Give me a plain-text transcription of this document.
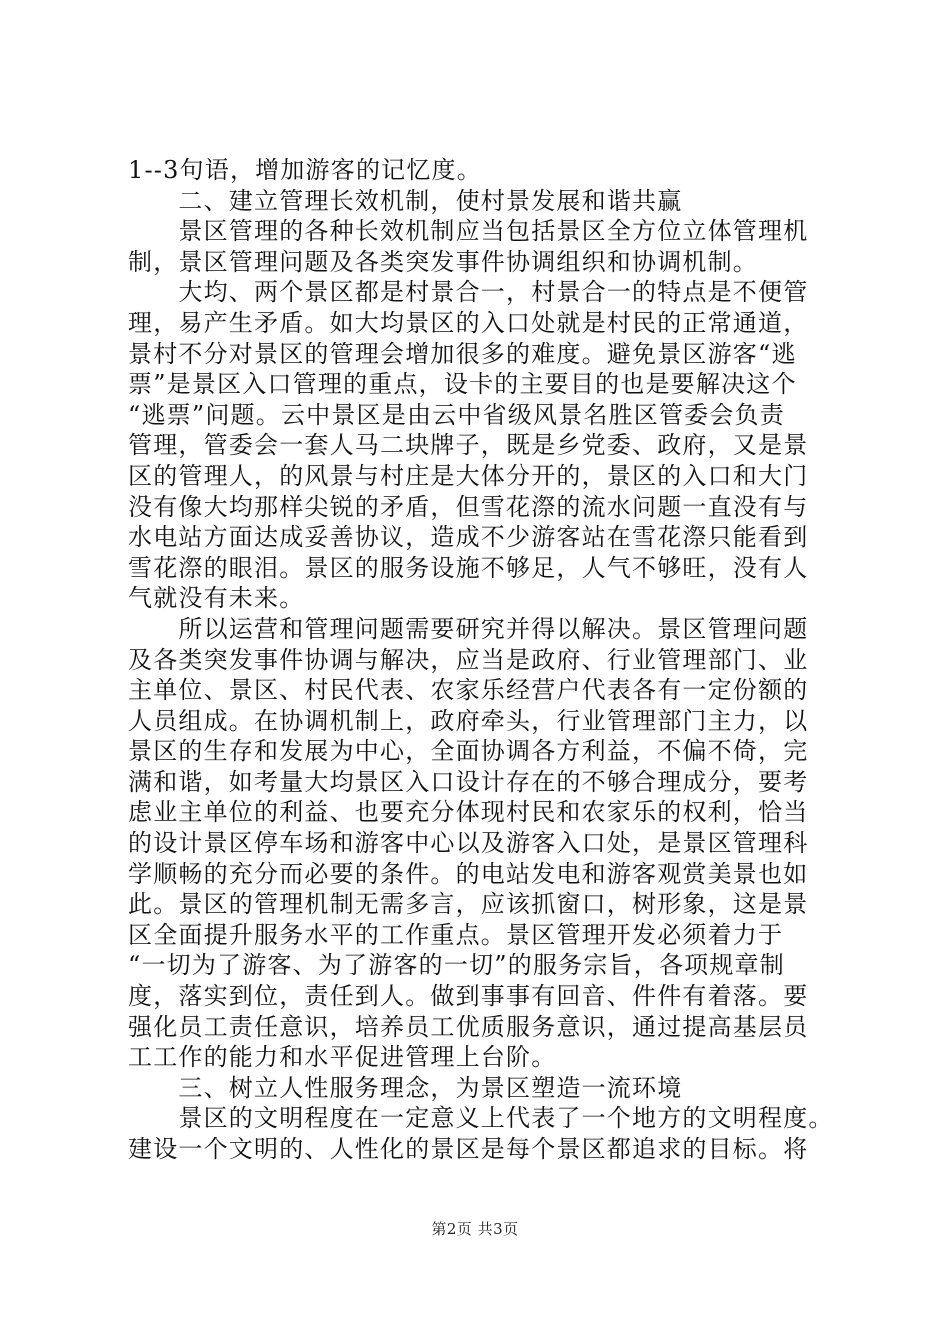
1--3句语，增加游客的记忆度。
　　二、建立管理长效机制，使村景发展和谐共赢
　　景区管理的各种长效机制应当包括景区全方位立体管理机
制，景区管理问题及各类突发事件协调组织和协调机制。
　　大均、两个景区都是村景合一，村景合一的特点是不便管
理，易产生矛盾。如大均景区的入口处就是村民的正常通道，
景村不分对景区的管理会增加很多的难度。避免景区游客“逃
票”是景区入口管理的重点，设卡的主要目的也是要解决这个
“逃票”问题。云中景区是由云中省级风景名胜区管委会负责
管理，管委会一套人马二块牌子，既是乡党委、政府，又是景
区的管理人，的风景与村庄是大体分开的，景区的入口和大门
没有像大均那样尖锐的矛盾，但雪花漈的流水问题一直没有与
水电站方面达成妥善协议，造成不少游客站在雪花漈只能看到
雪花漈的眼泪。景区的服务设施不够足，人气不够旺，没有人
气就没有未来。
　　所以运营和管理问题需要研究并得以解决。景区管理问题
及各类突发事件协调与解决，应当是政府、行业管理部门、业
主单位、景区、村民代表、农家乐经营户代表各有一定份额的
人员组成。在协调机制上，政府牵头，行业管理部门主力，以
景区的生存和发展为中心，全面协调各方利益，不偏不倚，完
满和谐，如考量大均景区入口设计存在的不够合理成分，要考
虑业主单位的利益、也要充分体现村民和农家乐的权利，恰当
的设计景区停车场和游客中心以及游客入口处，是景区管理科
学顺畅的充分而必要的条件。的电站发电和游客观赏美景也如
此。景区的管理机制无需多言，应该抓窗口，树形象，这是景
区全面提升服务水平的工作重点。景区管理开发必须着力于
“一切为了游客、为了游客的一切”的服务宗旨，各项规章制
度，落实到位，责任到人。做到事事有回音、件件有着落。要
强化员工责任意识，培养员工优质服务意识，通过提高基层员
工工作的能力和水平促进管理上台阶。
　　三、树立人性服务理念，为景区塑造一流环境
　　景区的文明程度在一定意义上代表了一个地方的文明程度。
建设一个文明的、人性化的景区是每个景区都追求的目标。将
第2页 共3页
